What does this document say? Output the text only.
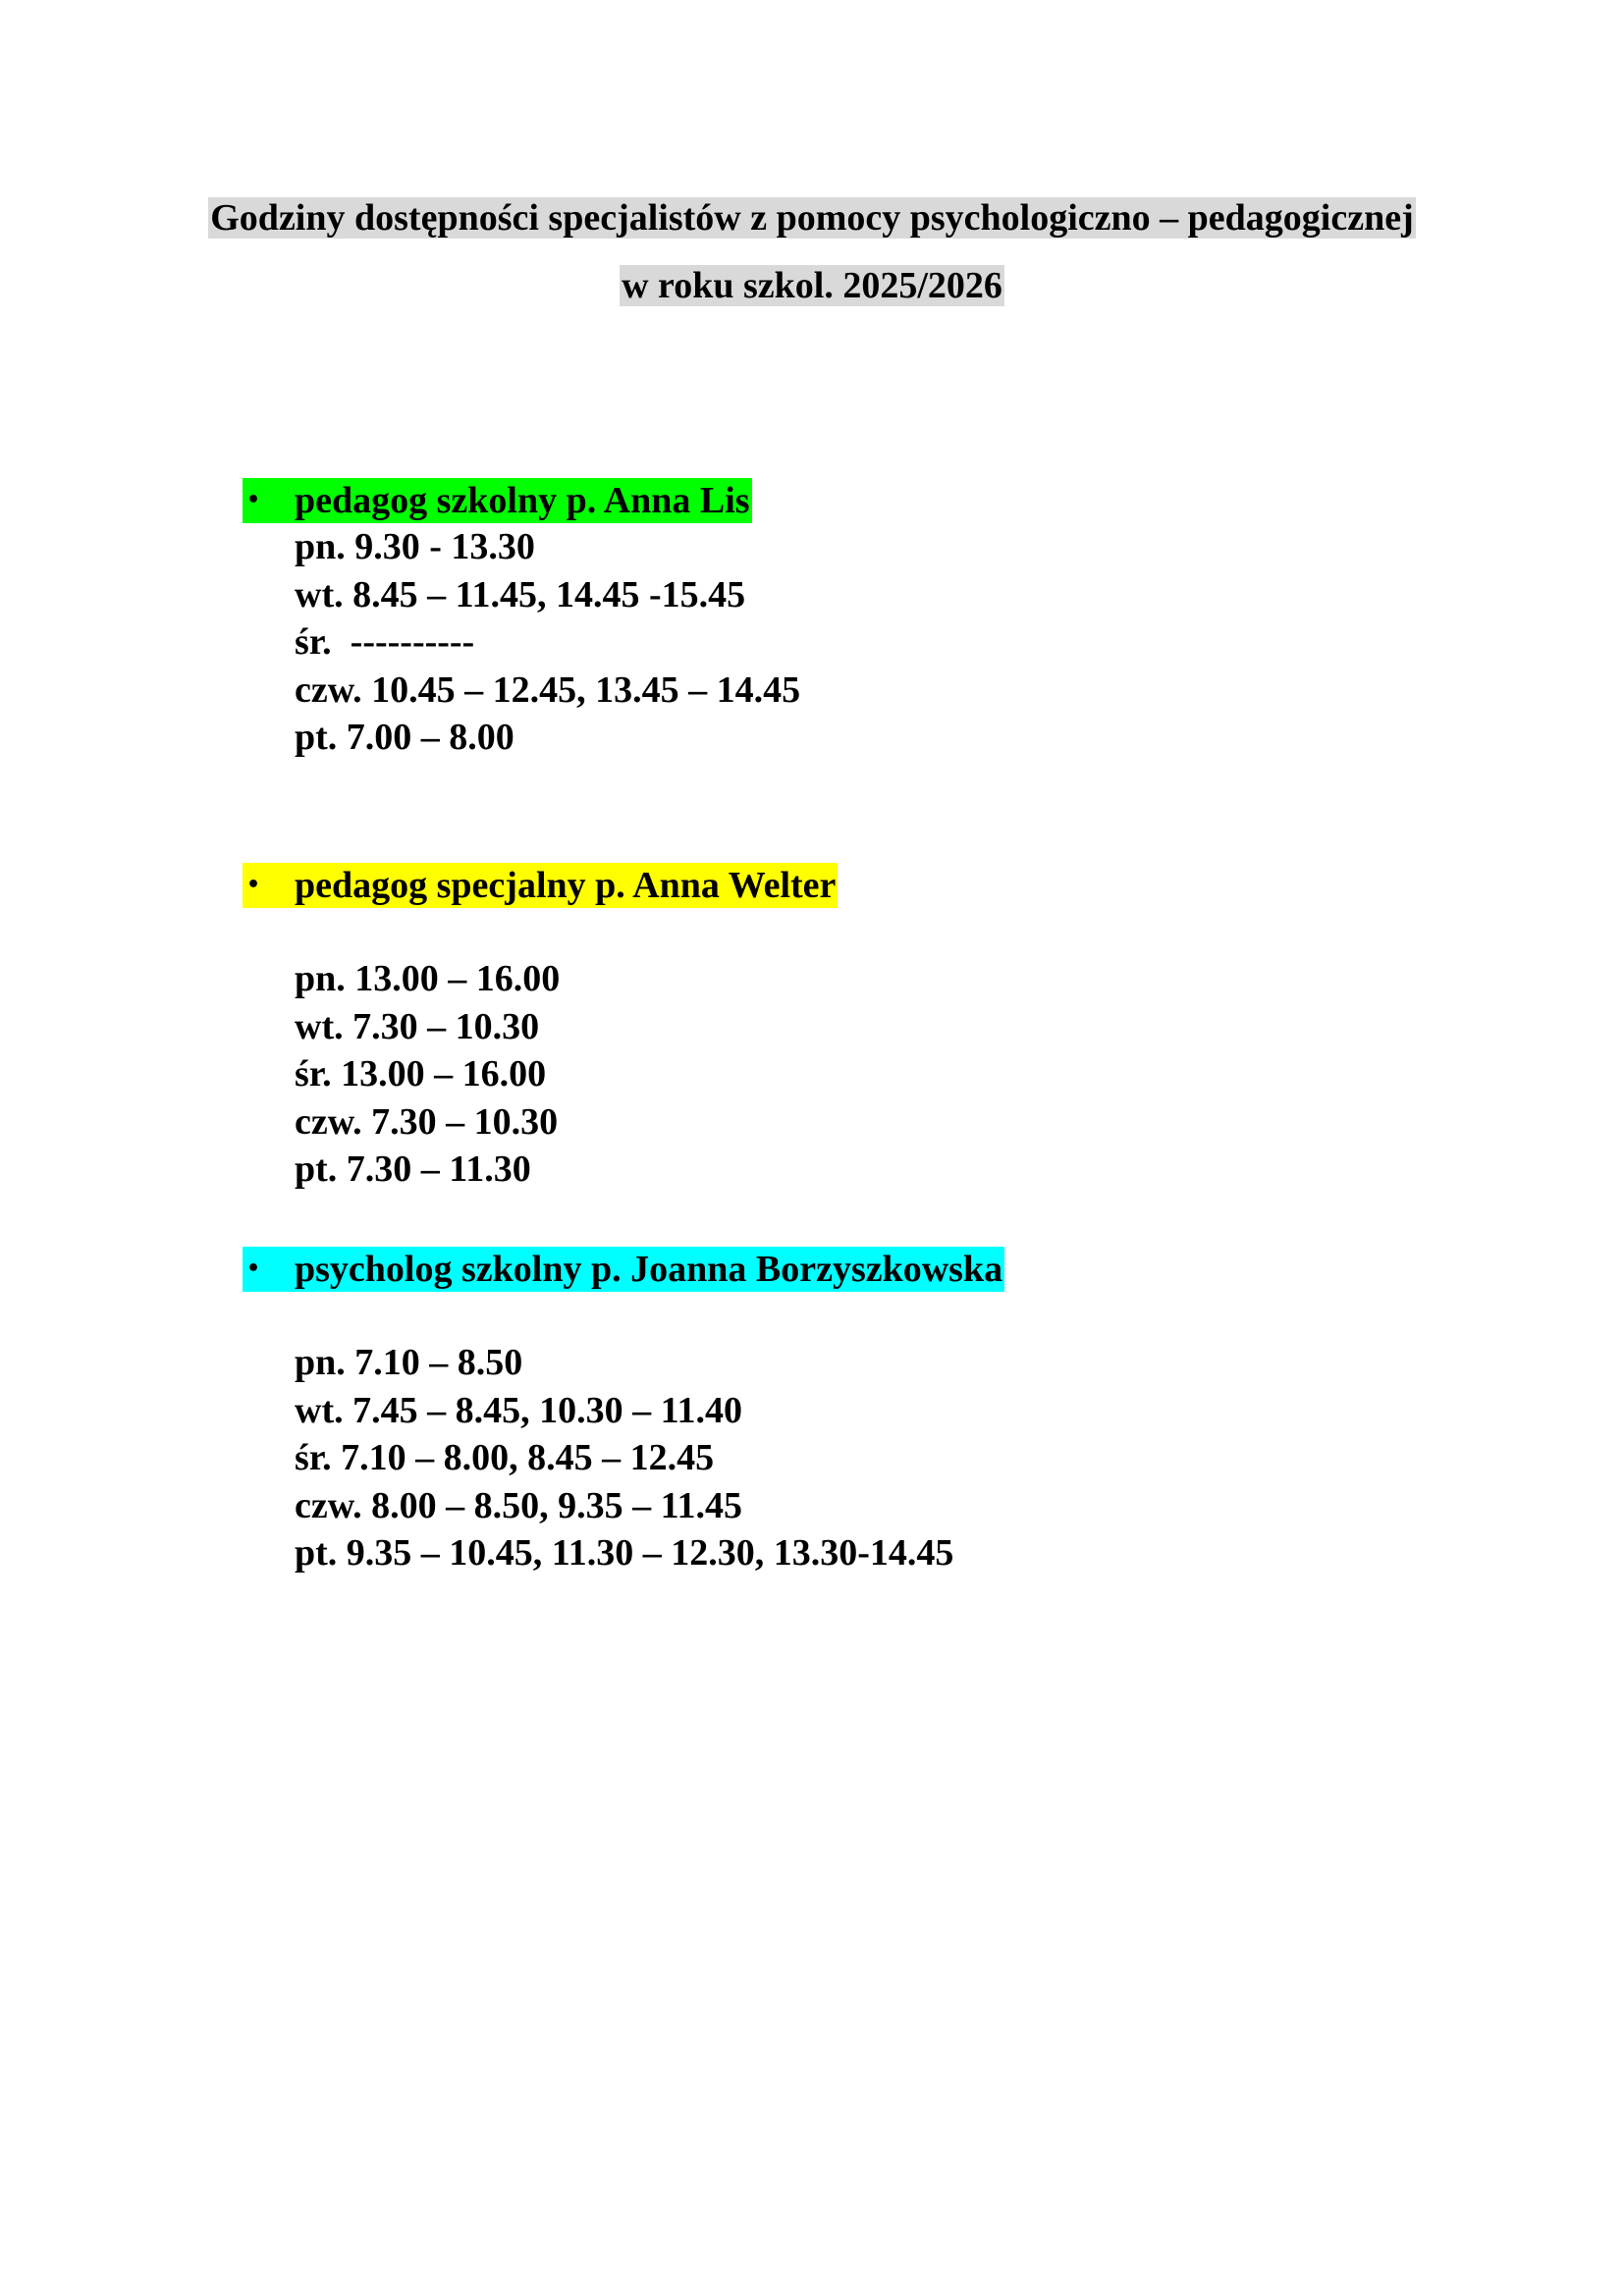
Godziny dostępności specjalistów z pomocy psychologiczno – pedagogicznej
w roku szkol. 2025/2026
• pedagog szkolny p. Anna Lis
pn. 9.30 - 13.30
wt. 8.45 – 11.45, 14.45 -15.45
śr.  ----------
czw. 10.45 – 12.45, 13.45 – 14.45
pt. 7.00 – 8.00
• pedagog specjalny p. Anna Welter
pn. 13.00 – 16.00
wt. 7.30 – 10.30
śr. 13.00 – 16.00
czw. 7.30 – 10.30
pt. 7.30 – 11.30
• psycholog szkolny p. Joanna Borzyszkowska
pn. 7.10 – 8.50
wt. 7.45 – 8.45, 10.30 – 11.40
śr. 7.10 – 8.00, 8.45 – 12.45
czw. 8.00 – 8.50, 9.35 – 11.45
pt. 9.35 – 10.45, 11.30 – 12.30, 13.30-14.45
